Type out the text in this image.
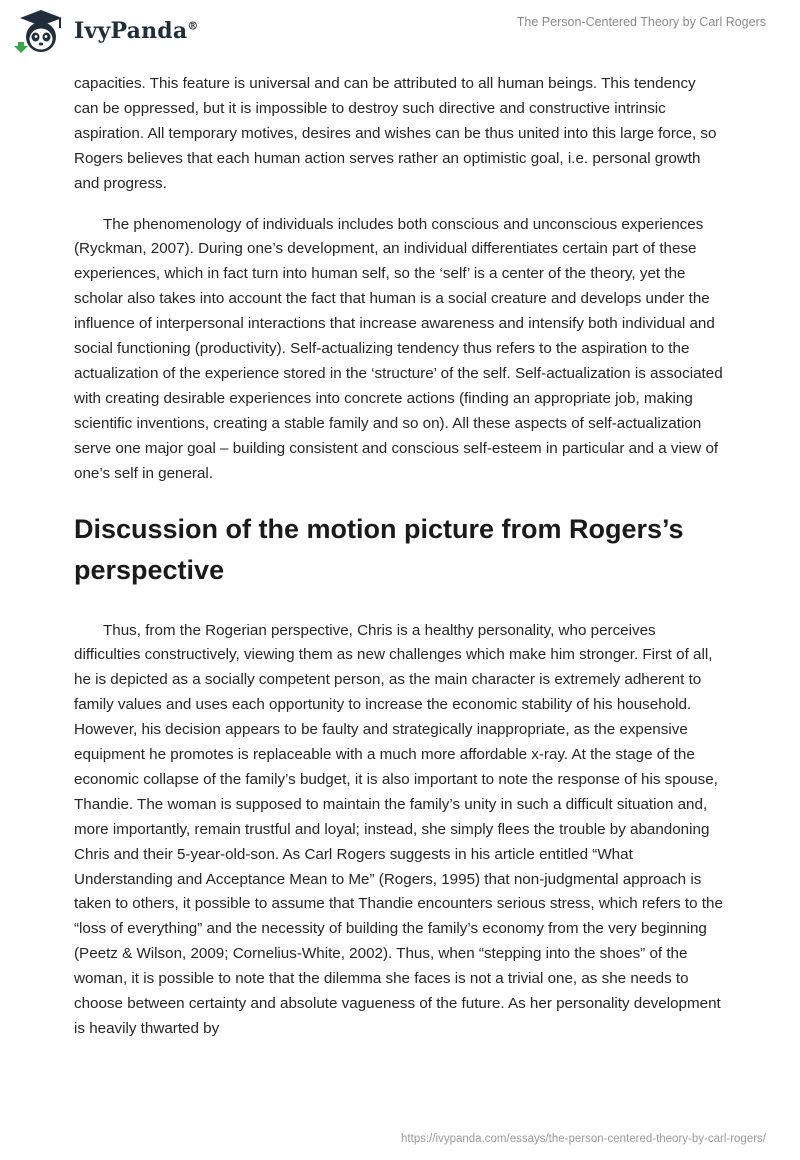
IvyPanda®	The Person-Centered Theory by Carl Rogers

capacities. This feature is universal and can be attributed to all human beings. This tendency can be oppressed, but it is impossible to destroy such directive and constructive intrinsic aspiration. All temporary motives, desires and wishes can be thus united into this large force, so Rogers believes that each human action serves rather an optimistic goal, i.e. personal growth and progress.

The phenomenology of individuals includes both conscious and unconscious experiences (Ryckman, 2007). During one’s development, an individual differentiates certain part of these experiences, which in fact turn into human self, so the ‘self’ is a center of the theory, yet the scholar also takes into account the fact that human is a social creature and develops under the influence of interpersonal interactions that increase awareness and intensify both individual and social functioning (productivity). Self-actualizing tendency thus refers to the aspiration to the actualization of the experience stored in the ‘structure’ of the self. Self-actualization is associated with creating desirable experiences into concrete actions (finding an appropriate job, making scientific inventions, creating a stable family and so on). All these aspects of self-actualization serve one major goal – building consistent and conscious self-esteem in particular and a view of one’s self in general.

Discussion of the motion picture from Rogers’s perspective

Thus, from the Rogerian perspective, Chris is a healthy personality, who perceives difficulties constructively, viewing them as new challenges which make him stronger. First of all, he is depicted as a socially competent person, as the main character is extremely adherent to family values and uses each opportunity to increase the economic stability of his household. However, his decision appears to be faulty and strategically inappropriate, as the expensive equipment he promotes is replaceable with a much more affordable x-ray. At the stage of the economic collapse of the family’s budget, it is also important to note the response of his spouse, Thandie. The woman is supposed to maintain the family’s unity in such a difficult situation and, more importantly, remain trustful and loyal; instead, she simply flees the trouble by abandoning Chris and their 5-year-old-son. As Carl Rogers suggests in his article entitled “What Understanding and Acceptance Mean to Me” (Rogers, 1995) that non-judgmental approach is taken to others, it possible to assume that Thandie encounters serious stress, which refers to the “loss of everything” and the necessity of building the family’s economy from the very beginning (Peetz & Wilson, 2009; Cornelius-White, 2002). Thus, when “stepping into the shoes” of the woman, it is possible to note that the dilemma she faces is not a trivial one, as she needs to choose between certainty and absolute vagueness of the future. As her personality development is heavily thwarted by

https://ivypanda.com/essays/the-person-centered-theory-by-carl-rogers/
